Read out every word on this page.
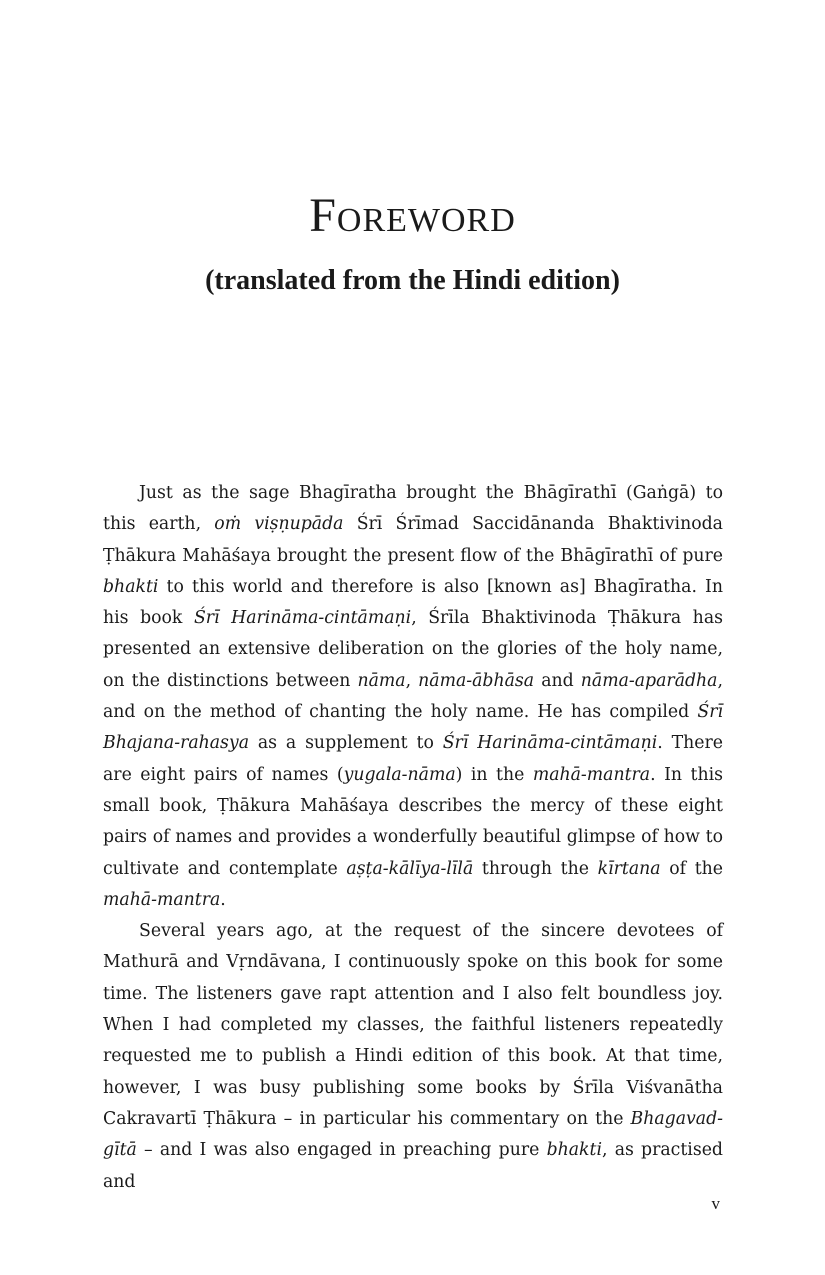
Foreword
(translated from the Hindi edition)

Just as the sage Bhagīratha brought the Bhāgīrathī (Gaṅgā) to this earth, oṁ viṣṇupāda Śrī Śrīmad Saccidānanda Bhaktivinoda Ṭhākura Mahāśaya brought the present flow of the Bhāgīrathī of pure bhakti to this world and therefore is also [known as] Bhagīratha. In his book Śrī Harināma-cintāmaṇi, Śrīla Bhaktivinoda Ṭhākura has presented an extensive deliberation on the glories of the holy name, on the distinctions between nāma, nāma-ābhāsa and nāma-aparādha, and on the method of chanting the holy name. He has compiled Śrī Bhajana-rahasya as a supplement to Śrī Harināma-cintāmaṇi. There are eight pairs of names (yugala-nāma) in the mahā-mantra. In this small book, Ṭhākura Mahāśaya describes the mercy of these eight pairs of names and provides a wonderfully beautiful glimpse of how to cultivate and contemplate aṣṭa-kālīya-līlā through the kīrtana of the mahā-mantra.

Several years ago, at the request of the sincere devotees of Mathurā and Vṛndāvana, I continuously spoke on this book for some time. The listeners gave rapt attention and I also felt boundless joy. When I had completed my classes, the faithful listeners repeatedly requested me to publish a Hindi edition of this book. At that time, however, I was busy publishing some books by Śrīla Viśvanātha Cakravartī Ṭhākura – in particular his commentary on the Bhagavad-gītā – and I was also engaged in preaching pure bhakti, as practised and

v
